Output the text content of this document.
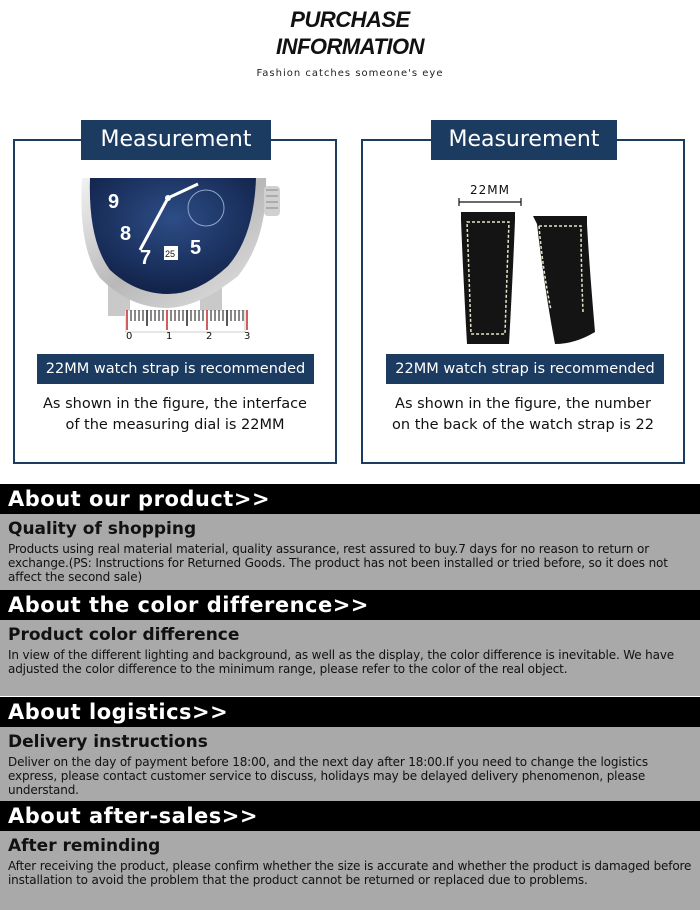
PURCHASE
INFORMATION
Fashion catches someone's eye
Measurement
9
8
7 5
25
0	1	2	3
22MM watch strap is recommended
As shown in the figure, the interface
of the measuring dial is 22MM
Measurement 2
22MM
22MM watch strap is recommended
As shown in the figure, the number
on the back of the watch strap is 22
About our product>>
Quality of shopping
Products using real material material, quality assurance, rest assured to buy.7 days for no reason to return or exchange.(PS: Instructions for Returned Goods. The product has not been installed or tried before, so it does not affect the second sale)
About the color difference>>
Product color difference
In view of the different lighting and background, as well as the display, the color difference is inevitable. We have adjusted the color difference to the minimum range, please refer to the color of the real object.
About logistics>>
Delivery instructions
Deliver on the day of payment before 18:00, and the next day after 18:00.If you need to change the logistics express, please contact customer service to discuss, holidays may be delayed delivery phenomenon, please understand.
About after-sales>>
After reminding
After receiving the product, please confirm whether the size is accurate and whether the product is damaged before installation to avoid the problem that the product cannot be returned or replaced due to problems.
